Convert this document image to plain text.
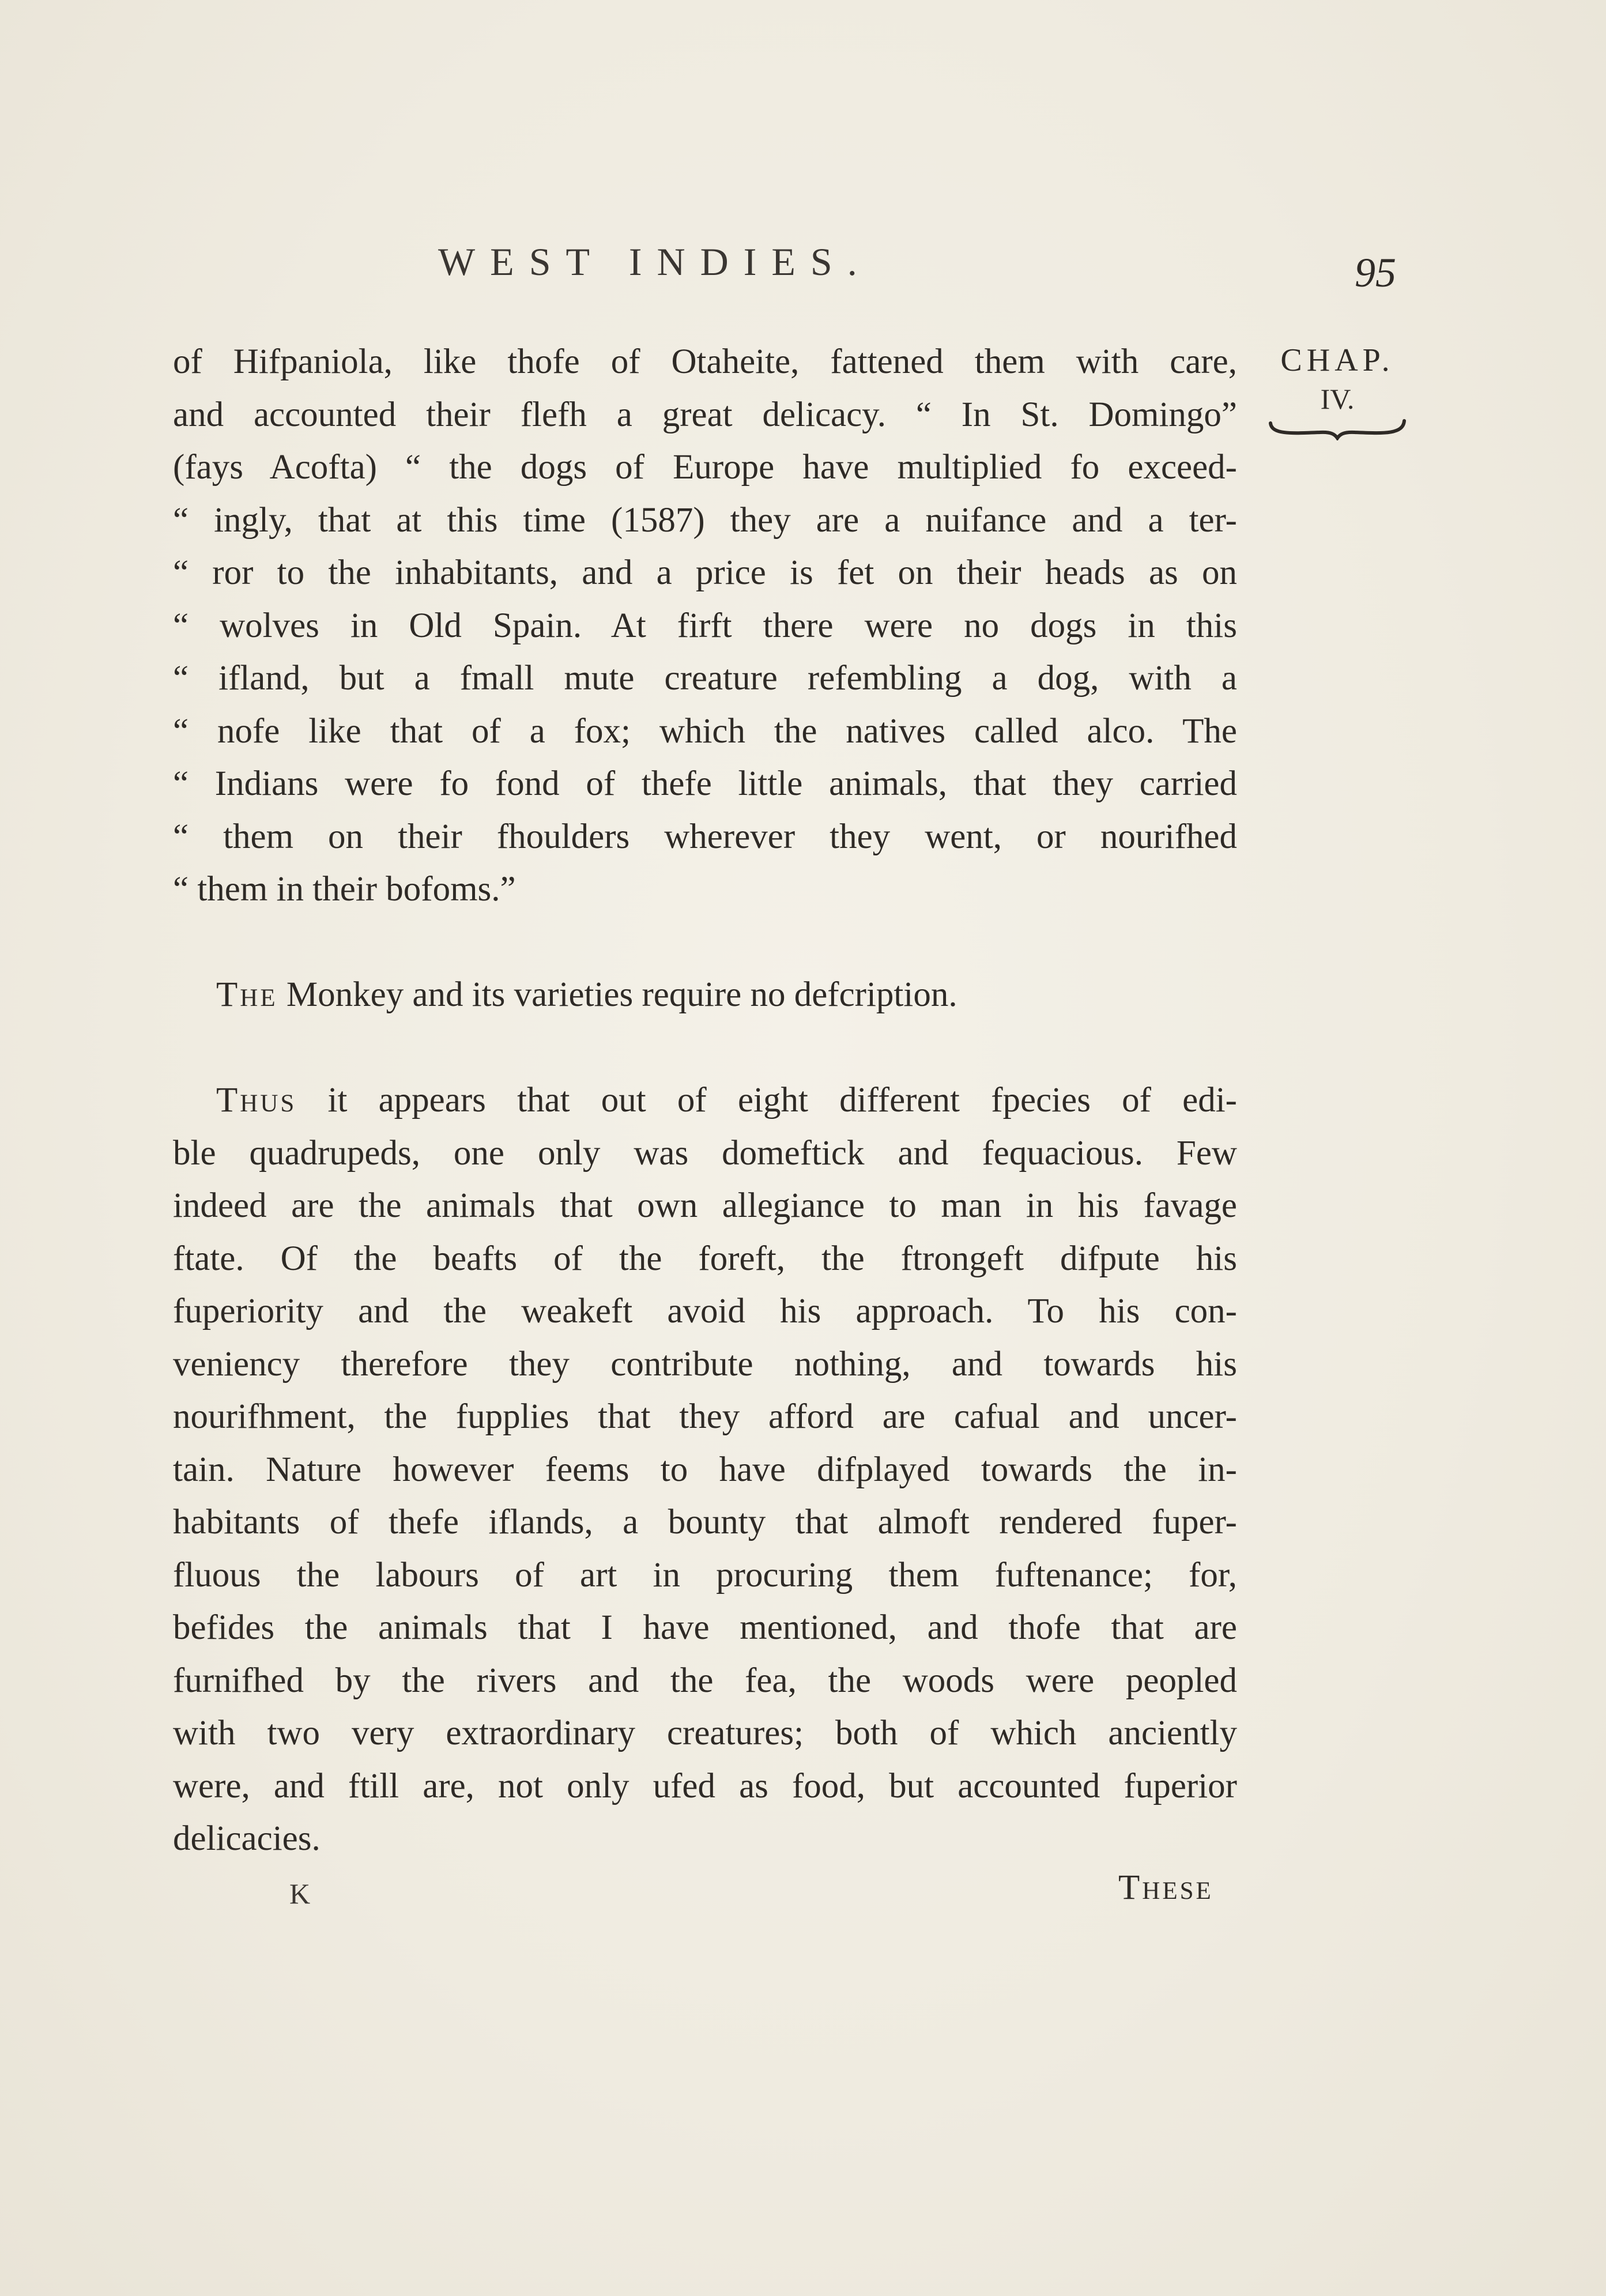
WEST INDIES.	95
CHAP.
IV.
of Hifpaniola, like thofe of Otaheite, fattened them with care,
and accounted their flefh a great delicacy. “ In St. Domingo”
(fays Acofta) “ the dogs of Europe have multiplied fo exceed-
“ ingly, that at this time (1587) they are a nuifance and a ter-
“ ror to the inhabitants, and a price is fet on their heads as on
“ wolves in Old Spain. At firft there were no dogs in this
“ ifland, but a fmall mute creature refembling a dog, with a
“ nofe like that of a fox; which the natives called alco. The
“ Indians were fo fond of thefe little animals, that they carried
“ them on their fhoulders wherever they went, or nourifhed
“ them in their bofoms.”
The Monkey and its varieties require no defcription.
Thus it appears that out of eight different fpecies of edi-
ble quadrupeds, one only was domeftick and fequacious. Few
indeed are the animals that own allegiance to man in his favage
ftate. Of the beafts of the foreft, the ftrongeft difpute his
fuperiority and the weakeft avoid his approach. To his con-
veniency therefore they contribute nothing, and towards his
nourifhment, the fupplies that they afford are cafual and uncer-
tain. Nature however feems to have difplayed towards the in-
habitants of thefe iflands, a bounty that almoft rendered fuper-
fluous the labours of art in procuring them fuftenance; for,
befides the animals that I have mentioned, and thofe that are
furnifhed by the rivers and the fea, the woods were peopled
with two very extraordinary creatures; both of which anciently
were, and ftill are, not only ufed as food, but accounted fuperior
delicacies.
K	These
